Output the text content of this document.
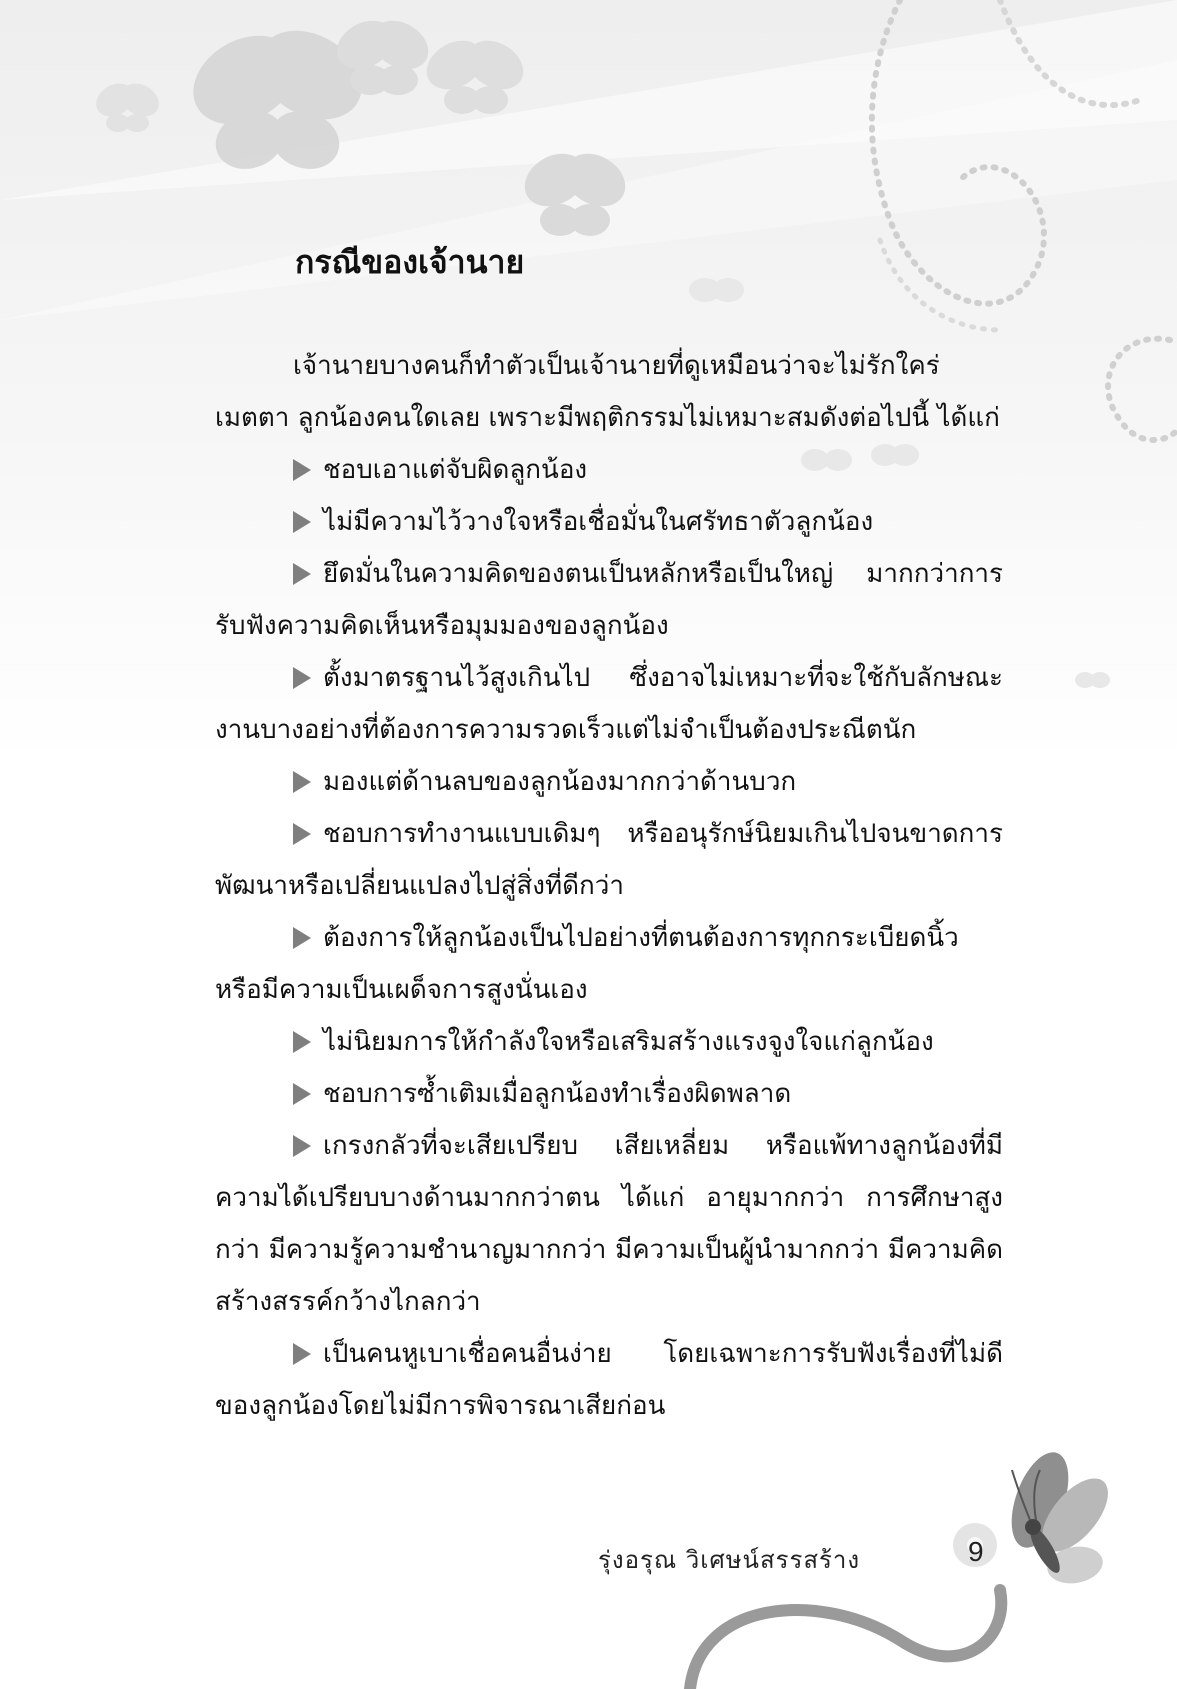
กรณีของเจ้านาย

เจ้านายบางคนก็ทำตัวเป็นเจ้านายที่ดูเหมือนว่าจะไม่รักใคร่เมตตา ลูกน้องคนใดเลย เพราะมีพฤติกรรมไม่เหมาะสมดังต่อไปนี้ ได้แก่

ชอบเอาแต่จับผิดลูกน้อง

ไม่มีความไว้วางใจหรือเชื่อมั่นในศรัทธาตัวลูกน้อง

ยึดมั่นในความคิดของตนเป็นหลักหรือเป็นใหญ่ มากกว่าการรับฟังความคิดเห็นหรือมุมมองของลูกน้อง

ตั้งมาตรฐานไว้สูงเกินไป ซึ่งอาจไม่เหมาะที่จะใช้กับลักษณะงานบางอย่างที่ต้องการความรวดเร็วแต่ไม่จำเป็นต้องประณีตนัก

มองแต่ด้านลบของลูกน้องมากกว่าด้านบวก

ชอบการทำงานแบบเดิมๆ หรืออนุรักษ์นิยมเกินไปจนขาดการพัฒนาหรือเปลี่ยนแปลงไปสู่สิ่งที่ดีกว่า

ต้องการให้ลูกน้องเป็นไปอย่างที่ตนต้องการทุกกระเบียดนิ้ว หรือมีความเป็นเผด็จการสูงนั่นเอง

ไม่นิยมการให้กำลังใจหรือเสริมสร้างแรงจูงใจแก่ลูกน้อง

ชอบการซ้ำเติมเมื่อลูกน้องทำเรื่องผิดพลาด

เกรงกลัวที่จะเสียเปรียบ เสียเหลี่ยม หรือแพ้ทางลูกน้องที่มีความได้เปรียบบางด้านมากกว่าตน ได้แก่ อายุมากกว่า การศึกษาสูงกว่า มีความรู้ความชำนาญมากกว่า มีความเป็นผู้นำมากกว่า มีความคิดสร้างสรรค์กว้างไกลกว่า

เป็นคนหูเบาเชื่อคนอื่นง่าย โดยเฉพาะการรับฟังเรื่องที่ไม่ดีของลูกน้องโดยไม่มีการพิจารณาเสียก่อน

รุ่งอรุณ วิเศษน์สรรสร้าง	9
